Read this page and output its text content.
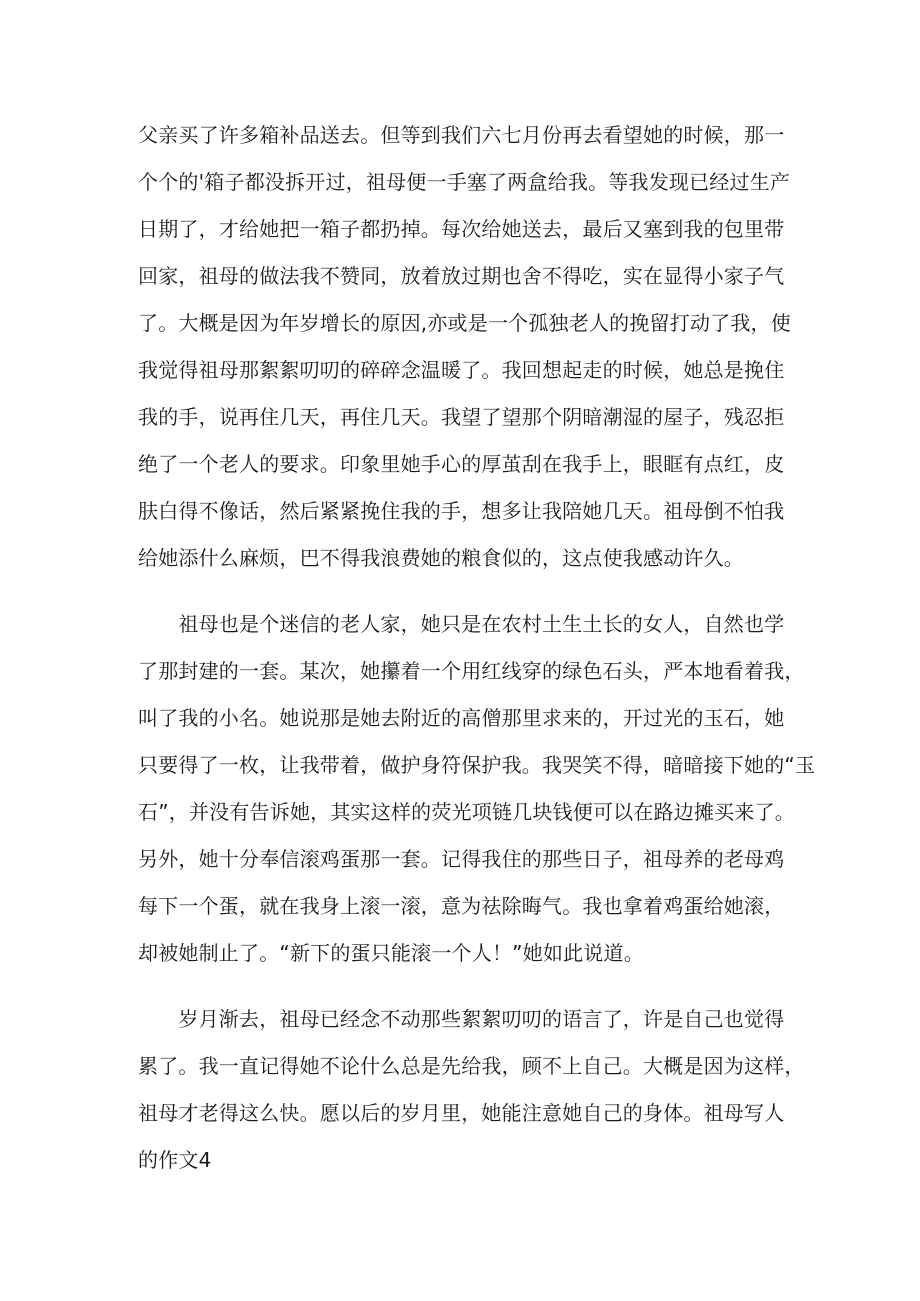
父亲买了许多箱补品送去。但等到我们六七月份再去看望她的时候，那一
个个的'箱子都没拆开过，祖母便一手塞了两盒给我。等我发现已经过生产
日期了，才给她把一箱子都扔掉。每次给她送去，最后又塞到我的包里带
回家，祖母的做法我不赞同，放着放过期也舍不得吃，实在显得小家子气
了。大概是因为年岁增长的原因,亦或是一个孤独老人的挽留打动了我，使
我觉得祖母那絮絮叨叨的碎碎念温暖了。我回想起走的时候，她总是挽住
我的手，说再住几天，再住几天。我望了望那个阴暗潮湿的屋子，残忍拒
绝了一个老人的要求。印象里她手心的厚茧刮在我手上，眼眶有点红，皮
肤白得不像话，然后紧紧挽住我的手，想多让我陪她几天。祖母倒不怕我
给她添什么麻烦，巴不得我浪费她的粮食似的，这点使我感动许久。
　　祖母也是个迷信的老人家，她只是在农村土生土长的女人，自然也学
了那封建的一套。某次，她攥着一个用红线穿的绿色石头，严本地看着我，
叫了我的小名。她说那是她去附近的高僧那里求来的，开过光的玉石，她
只要得了一枚，让我带着，做护身符保护我。我哭笑不得，暗暗接下她的“玉
石”，并没有告诉她，其实这样的荧光项链几块钱便可以在路边摊买来了。
另外，她十分奉信滚鸡蛋那一套。记得我住的那些日子，祖母养的老母鸡
每下一个蛋，就在我身上滚一滚，意为祛除晦气。我也拿着鸡蛋给她滚，
却被她制止了。“新下的蛋只能滚一个人！”她如此说道。
　　岁月渐去，祖母已经念不动那些絮絮叨叨的语言了，许是自己也觉得
累了。我一直记得她不论什么总是先给我，顾不上自己。大概是因为这样，
祖母才老得这么快。愿以后的岁月里，她能注意她自己的身体。祖母写人
的作文4
